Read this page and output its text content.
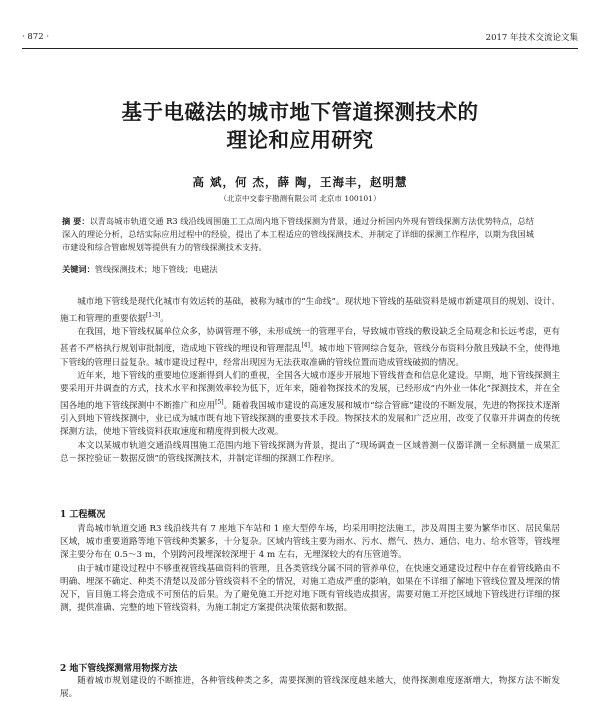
· 872 ·	2017 年技术交流论文集
基于电磁法的城市地下管道探测技术的
理论和应用研究
高 斌，何 杰，薛 陶，王海丰，赵明慧
（北京中交泰宇勘测有限公司 北京市 100101）
摘 要：以青岛城市轨道交通 R3 线沿线周围施工工点周内地下管线探测为背景，通过分析国内外现有管线探测方法优势特点，总结深入的理论分析，总结实际应用过程中的经验，提出了本工程适应的管线探测技术、并制定了详细的探测工作程序，以期为我国城市建设和综合管廊规划等提供有力的管线探测技术支持。
关键词：管线探测技术；地下管线；电磁法

城市地下管线是现代化城市有效运转的基础，被称为城市的“生命线”。现状地下管线的基础资料是城市新建项目的规划、设计、施工和管理的重要依据[1-3]。

在我国，地下管线权属单位众多，协调管理不够，未形成统一的管理平台，导致城市管线的敷设缺乏全局观念和长远考虑，更有甚者不严格执行规划审批制度，造成地下管线的埋设和管理混乱[4]。城市地下管网综合复杂，管线分布资料分散且残缺不全，使得地下管线的管理日益复杂。城市建设过程中，经常出现因为无法获取准确的管线位置而造成管线破损的情况。

近年来，地下管线的重要地位逐渐得到人们的重视，全国各大城市逐步开展地下管线普查和信息化建设。早期，地下管线探测主要采用开井调查的方式，技术水平和探测效率较为低下，近年来，随着物探技术的发展，已经形成“内外业一体化”探测技术，并在全国各地的地下管线探测中不断推广和应用[5]。随着我国城市建设的高速发展和城市“综合管廊”建设的不断发展，先进的物探技术逐渐引入到地下管线探测中，业已成为城市既有地下管线探测的重要技术手段。物探技术的发展和广泛应用，改变了仅靠开井调查的传统探测方法，使地下管线资料获取速度和精度得到极大改观。

本文以某城市轨道交通沿线周围施工范围内地下管线探测为背景，提出了“现场调查－区域普测－仪器详测－全标测量－成果汇总－探控验证－数据反馈”的管线探测技术，并制定详细的探测工作程序。

1 工程概况

青岛城市轨道交通 R3 线沿线共有 7 座地下车站和 1 座大型停车场，均采用明挖法施工，涉及周围主要为繁华市区、居民集居区域，城市重要道路等地下管线种类繁多，十分复杂。区域内管线主要为雨水、污水、燃气、热力、通信、电力、给水管等，管线埋深主要分布在 0.5～3 m，个别跨河段埋深较深埋于 4 m 左右，无埋深较大的有压管道等。

由于城市建设过程中不够重视管线基础资料的管理，且各类管线分属不同的管养单位，在快速交通建设过程中存在着管线路由不明确、埋深不确定、种类不清楚以及部分管线资料不全的情况，对施工造成严重的影响，如果在不详细了解地下管线位置及埋深的情况下，盲目施工将会造成不可预估的后果。为了避免施工开挖对地下既有管线造成损害，需要对施工开挖区域地下管线进行详细的探测，提供准确、完整的地下管线资料，为施工制定方案提供决策依据和数据。

2 地下管线探测常用物探方法

随着城市规划建设的不断推进，各种管线种类之多，需要探测的管线深度越来越大，使得探测难度逐渐增大，物探方法不断发展。
